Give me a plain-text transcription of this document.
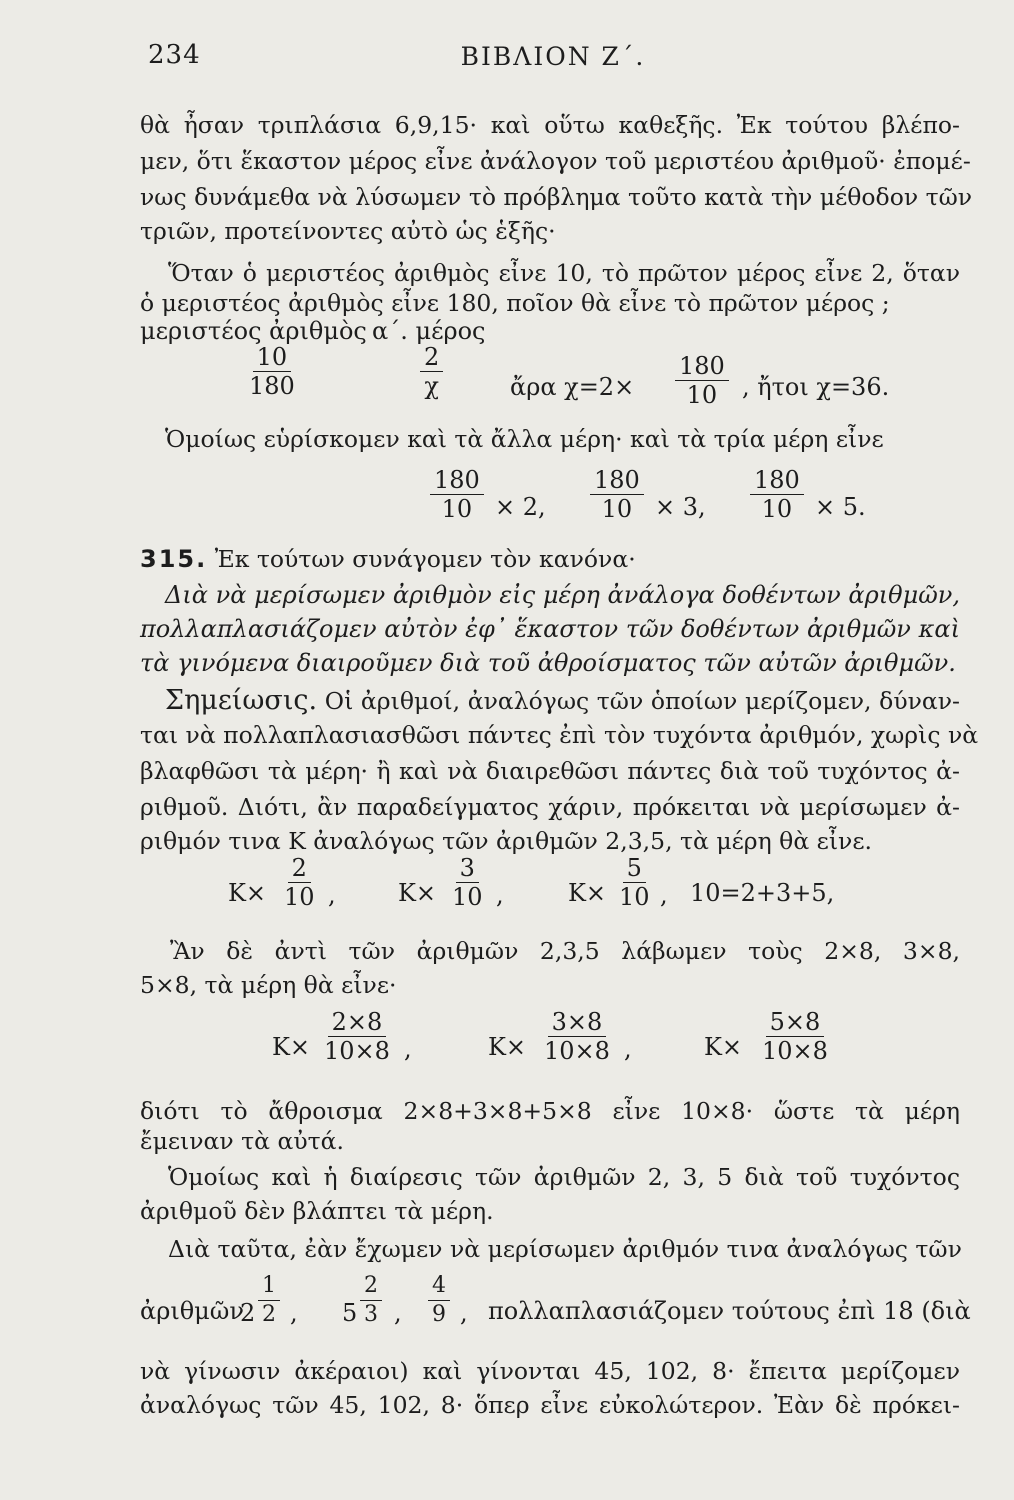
234	ΒΙΒΛΙΟΝ Ζ΄.
θὰ ἦσαν τριπλάσια 6,9,15· καὶ οὕτω καθεξῆς. Ἐκ τούτου βλέπο-
μεν, ὅτι ἕκαστον μέρος εἶνε ἀνάλογον τοῦ μεριστέου ἀριθμοῦ· ἐπομέ-
νως δυνάμεθα νὰ λύσωμεν τὸ πρόβλημα τοῦτο κατὰ τὴν μέθοδον τῶν
τριῶν, προτείνοντες αὐτὸ ὡς ἑξῆς·
Ὅταν ὁ μεριστέος ἀριθμὸς εἶνε 10, τὸ πρῶτον μέρος εἶνε 2, ὅταν
ὁ μεριστέος ἀριθμὸς εἶνε 180, ποῖον θὰ εἶνε τὸ πρῶτον μέρος ;
μεριστέος ἀριθμὸς α΄. μέρος
$\frac{10}{180}$	$\frac{2}{\chi}$	ἄρα $\chi=2\times \frac{180}{10}$ , ἤτοι χ=36.
Ὁμοίως εὑρίσκομεν καὶ τὰ ἄλλα μέρη· καὶ τὰ τρία μέρη εἶνε
$\frac{180}{10} \times 2$, $\frac{180}{10} \times 3$, $\frac{180}{10} \times 5$.
315. Ἐκ τούτων συνάγομεν τὸν κανόνα·
Διὰ νὰ μερίσωμεν ἀριθμὸν εἰς μέρη ἀνάλογα δοθέντων ἀριθμῶν,
πολλαπλασιάζομεν αὐτὸν ἐφ᾽ ἕκαστον τῶν δοθέντων ἀριθμῶν καὶ
τὰ γινόμενα διαιροῦμεν διὰ τοῦ ἀθροίσματος τῶν αὐτῶν ἀριθμῶν.
Σημείωσις. Οἱ ἀριθμοί, ἀναλόγως τῶν ὁποίων μερίζομεν, δύναν-
ται νὰ πολλαπλασιασθῶσι πάντες ἐπὶ τὸν τυχόντα ἀριθμόν, χωρὶς νὰ
βλαφθῶσι τὰ μέρη· ἢ καὶ νὰ διαιρεθῶσι πάντες διὰ τοῦ τυχόντος ἀ-
ριθμοῦ. Διότι, ἂν παραδείγματος χάριν, πρόκειται νὰ μερίσωμεν ἀ-
ριθμόν τινα Κ ἀναλόγως τῶν ἀριθμῶν 2,3,5, τὰ μέρη θὰ εἶνε.
$K\times \frac{2}{10}$ ,	$K\times \frac{3}{10}$ ,	$K\times \frac{5}{10}$ , 10=2+3+5,
Ἂν δὲ ἀντὶ τῶν ἀριθμῶν 2,3,5 λάβωμεν τοὺς 2×8, 3×8,
5×8, τὰ μέρη θὰ εἶνε·
$K\times \frac{2\times 8}{10\times 8}$ ,	$K\times \frac{3\times 8}{10\times 8}$ ,	$K\times \frac{5\times 8}{10\times 8}$
διότι τὸ ἄθροισμα 2×8+3×8+5×8 εἶνε 10×8· ὥστε τὰ μέρη
ἔμειναν τὰ αὐτά.
Ὁμοίως καὶ ἡ διαίρεσις τῶν ἀριθμῶν 2, 3, 5 διὰ τοῦ τυχόντος
ἀριθμοῦ δὲν βλάπτει τὰ μέρη.
Διὰ ταῦτα, ἐὰν ἔχωμεν νὰ μερίσωμεν ἀριθμόν τινα ἀναλόγως τῶν
ἀριθμῶν
$2 \frac{1}{2}$ , $5 \frac{2}{3}$ , $\frac{4}{9}$ , πολλαπλασιάζομεν τούτους ἐπὶ 18 (διὰ
νὰ γίνωσιν ἀκέραιοι) καὶ γίνονται 45, 102, 8· ἔπειτα μερίζομεν
ἀναλόγως τῶν 45, 102, 8· ὅπερ εἶνε εὐκολώτερον. Ἐὰν δὲ πρόκει-
